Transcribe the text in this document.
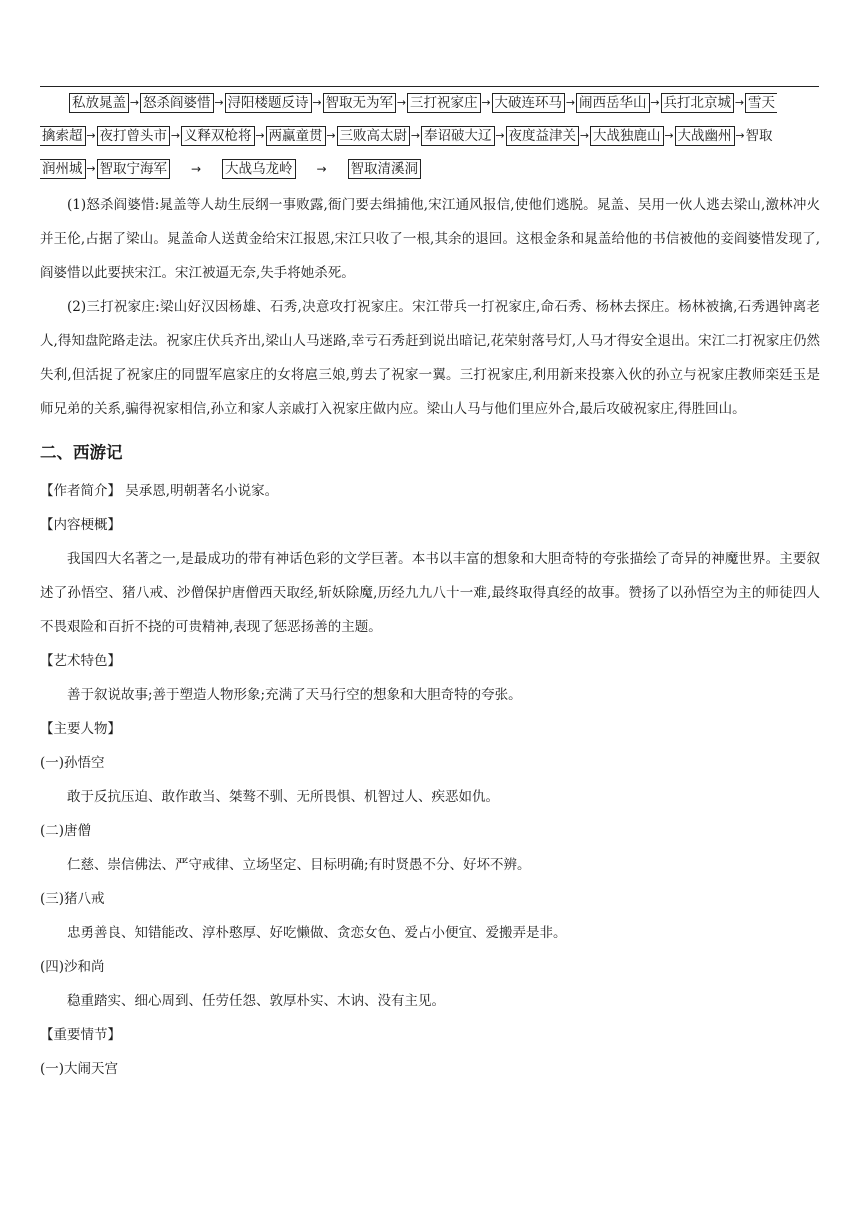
私放晁盖 → 怒杀阎婆惜 → 浔阳楼题反诗 → 智取无为军 → 三打祝家庄 → 大破连环马 → 闹西岳华山 → 兵打北京城 → 雪天
擒索超 → 夜打曾头市 → 义释双枪将 → 两赢童贯 → 三败高太尉 → 奉诏破大辽 → 夜度益津关 → 大战独鹿山 → 大战幽州 → 智取
润州城 → 智取宁海军	→	大战乌龙岭	→	智取清溪洞

(1)怒杀阎婆惜:晁盖等人劫生辰纲一事败露,衙门要去缉捕他,宋江通风报信,使他们逃脱。晁盖、吴用一伙人逃去梁山,激林冲火并王伦,占据了梁山。晁盖命人送黄金给宋江报恩,宋江只收了一根,其余的退回。这根金条和晁盖给他的书信被他的妾阎婆惜发现了,阎婆惜以此要挟宋江。宋江被逼无奈,失手将她杀死。

(2)三打祝家庄:梁山好汉因杨雄、石秀,决意攻打祝家庄。宋江带兵一打祝家庄,命石秀、杨林去探庄。杨林被擒,石秀遇钟离老人,得知盘陀路走法。祝家庄伏兵齐出,梁山人马迷路,幸亏石秀赶到说出暗记,花荣射落号灯,人马才得安全退出。宋江二打祝家庄仍然失利,但活捉了祝家庄的同盟军扈家庄的女将扈三娘,剪去了祝家一翼。三打祝家庄,利用新来投寨入伙的孙立与祝家庄教师栾廷玉是师兄弟的关系,骗得祝家相信,孙立和家人亲戚打入祝家庄做内应。梁山人马与他们里应外合,最后攻破祝家庄,得胜回山。

二、西游记

【作者简介】 吴承恩,明朝著名小说家。

【内容梗概】

我国四大名著之一,是最成功的带有神话色彩的文学巨著。本书以丰富的想象和大胆奇特的夸张描绘了奇异的神魔世界。主要叙述了孙悟空、猪八戒、沙僧保护唐僧西天取经,斩妖除魔,历经九九八十一难,最终取得真经的故事。赞扬了以孙悟空为主的师徒四人不畏艰险和百折不挠的可贵精神,表现了惩恶扬善的主题。

【艺术特色】

善于叙说故事;善于塑造人物形象;充满了天马行空的想象和大胆奇特的夸张。

【主要人物】

(一)孙悟空

敢于反抗压迫、敢作敢当、桀骜不驯、无所畏惧、机智过人、疾恶如仇。

(二)唐僧

仁慈、崇信佛法、严守戒律、立场坚定、目标明确;有时贤愚不分、好坏不辨。

(三)猪八戒

忠勇善良、知错能改、淳朴憨厚、好吃懒做、贪恋女色、爱占小便宜、爱搬弄是非。

(四)沙和尚

稳重踏实、细心周到、任劳任怨、敦厚朴实、木讷、没有主见。

【重要情节】

(一)大闹天宫
